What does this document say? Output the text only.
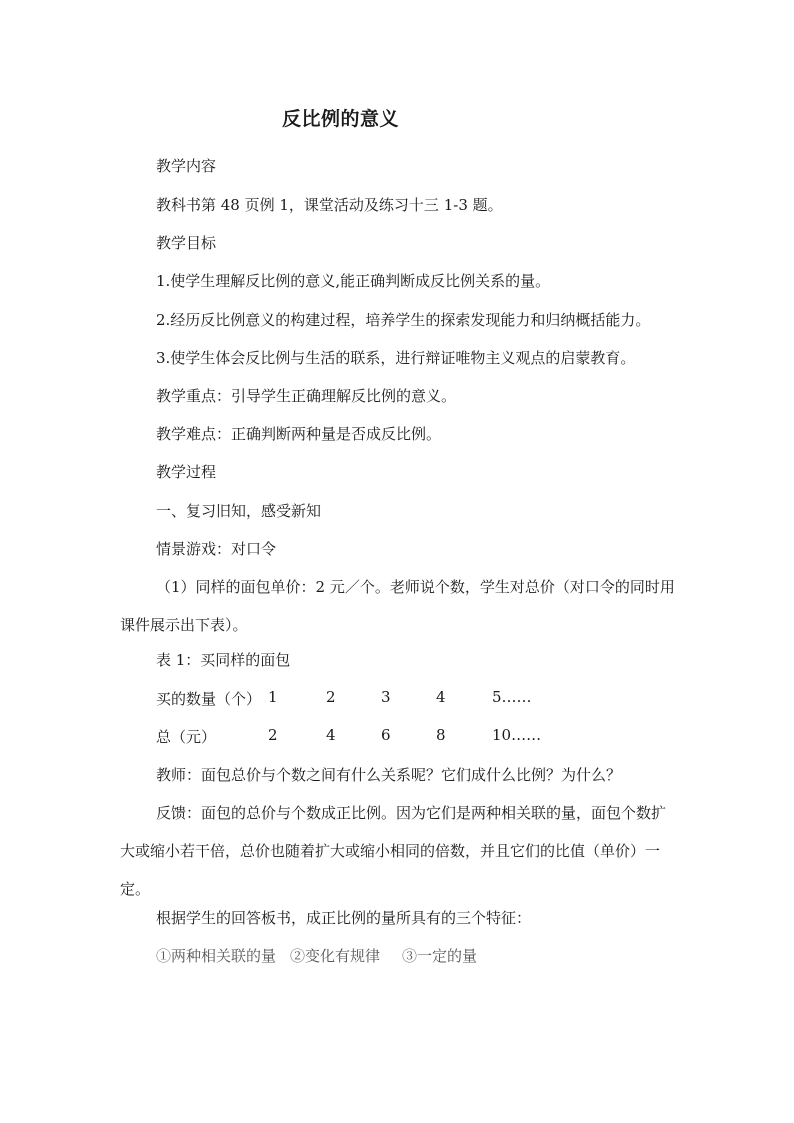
反比例的意义
教学内容
教科书第 48 页例 1，课堂活动及练习十三 1-3 题。
教学目标
1.使学生理解反比例的意义,能正确判断成反比例关系的量。
2.经历反比例意义的构建过程，培养学生的探索发现能力和归纳概括能力。
3.使学生体会反比例与生活的联系，进行辩证唯物主义观点的启蒙教育。
教学重点：引导学生正确理解反比例的意义。
教学难点：正确判断两种量是否成反比例。
教学过程
一、复习旧知，感受新知
情景游戏：对口令
（1）同样的面包单价：2 元／个。老师说个数，学生对总价（对口令的同时用课件展示出下表）。
表 1：买同样的面包
买的数量（个） 1	2	3	4	5……
总（元）	2	4	6	8	10……
教师：面包总价与个数之间有什么关系呢？它们成什么比例？为什么？
反馈：面包的总价与个数成正比例。因为它们是两种相关联的量，面包个数扩大或缩小若干倍，总价也随着扩大或缩小相同的倍数，并且它们的比值（单价）一定。
根据学生的回答板书，成正比例的量所具有的三个特征：
①两种相关联的量 ②变化有规律 ③一定的量
